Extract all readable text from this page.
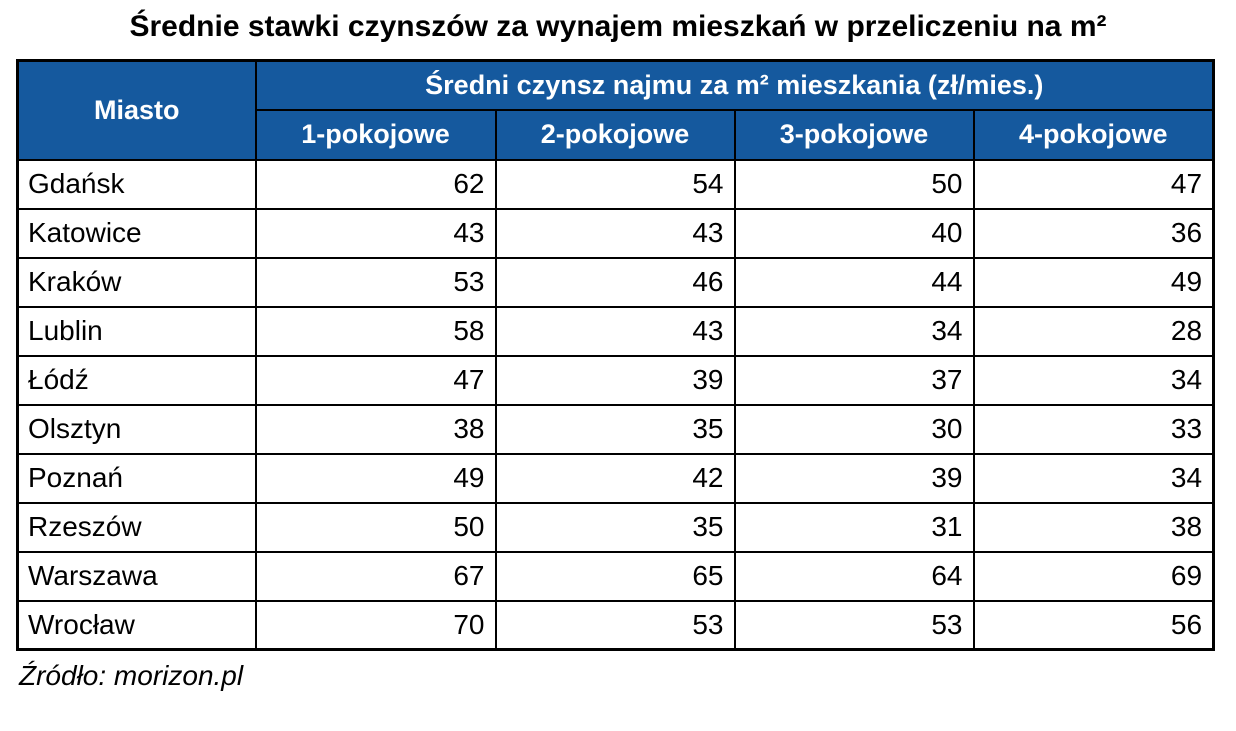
Średnie stawki czynszów za wynajem mieszkań w przeliczeniu na m²
Miasto	Średni czynsz najmu za m² mieszkania (zł/mies.)			
	1-pokojowe	2-pokojowe	3-pokojowe	4-pokojowe
Gdańsk	62	54	50	47
Katowice	43	43	40	36
Kraków	53	46	44	49
Lublin	58	43	34	28
Łódź	47	39	37	34
Olsztyn	38	35	30	33
Poznań	49	42	39	34
Rzeszów	50	35	31	38
Warszawa	67	65	64	69
Wrocław	70	53	53	56
Źródło: morizon.pl
